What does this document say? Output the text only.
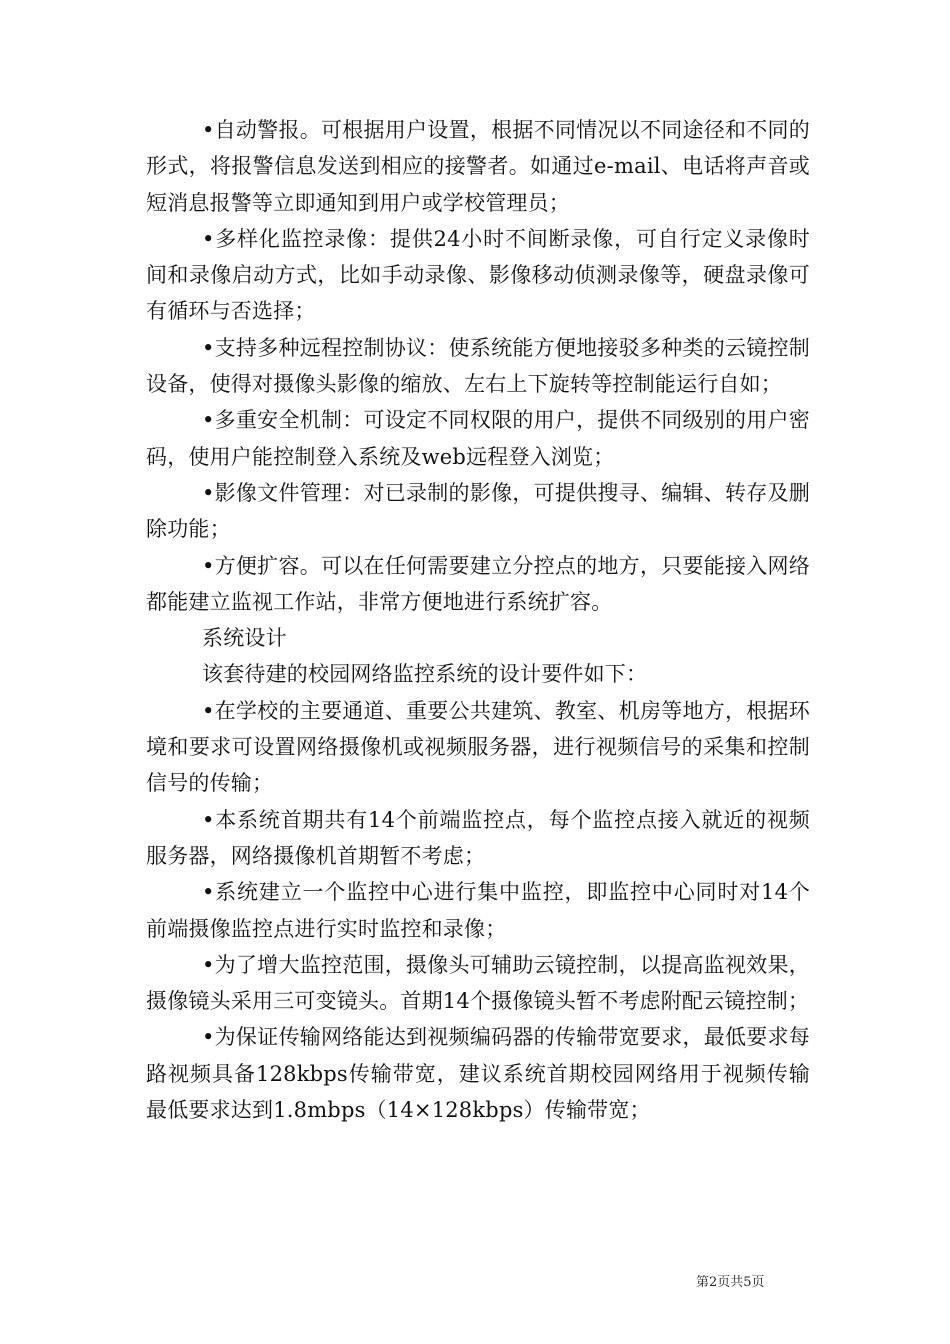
•自动警报。可根据用户设置，根据不同情况以不同途径和不同的形式，将报警信息发送到相应的接警者。如通过e-mail、电话将声音或短消息报警等立即通知到用户或学校管理员；

•多样化监控录像：提供24小时不间断录像，可自行定义录像时间和录像启动方式，比如手动录像、影像移动侦测录像等，硬盘录像可有循环与否选择；

•支持多种远程控制协议：使系统能方便地接驳多种类的云镜控制设备，使得对摄像头影像的缩放、左右上下旋转等控制能运行自如；

•多重安全机制：可设定不同权限的用户，提供不同级别的用户密码，使用户能控制登入系统及web远程登入浏览；

•影像文件管理：对已录制的影像，可提供搜寻、编辑、转存及删除功能；

•方便扩容。可以在任何需要建立分控点的地方，只要能接入网络都能建立监视工作站，非常方便地进行系统扩容。

系统设计

该套待建的校园网络监控系统的设计要件如下：

•在学校的主要通道、重要公共建筑、教室、机房等地方，根据环境和要求可设置网络摄像机或视频服务器，进行视频信号的采集和控制信号的传输；

•本系统首期共有14个前端监控点，每个监控点接入就近的视频服务器，网络摄像机首期暂不考虑；

•系统建立一个监控中心进行集中监控，即监控中心同时对14个前端摄像监控点进行实时监控和录像；

•为了增大监控范围，摄像头可辅助云镜控制，以提高监视效果，摄像镜头采用三可变镜头。首期14个摄像镜头暂不考虑附配云镜控制；

•为保证传输网络能达到视频编码器的传输带宽要求，最低要求每路视频具备128kbps传输带宽，建议系统首期校园网络用于视频传输最低要求达到1.8mbps（14×128kbps）传输带宽；

第2页共5页
